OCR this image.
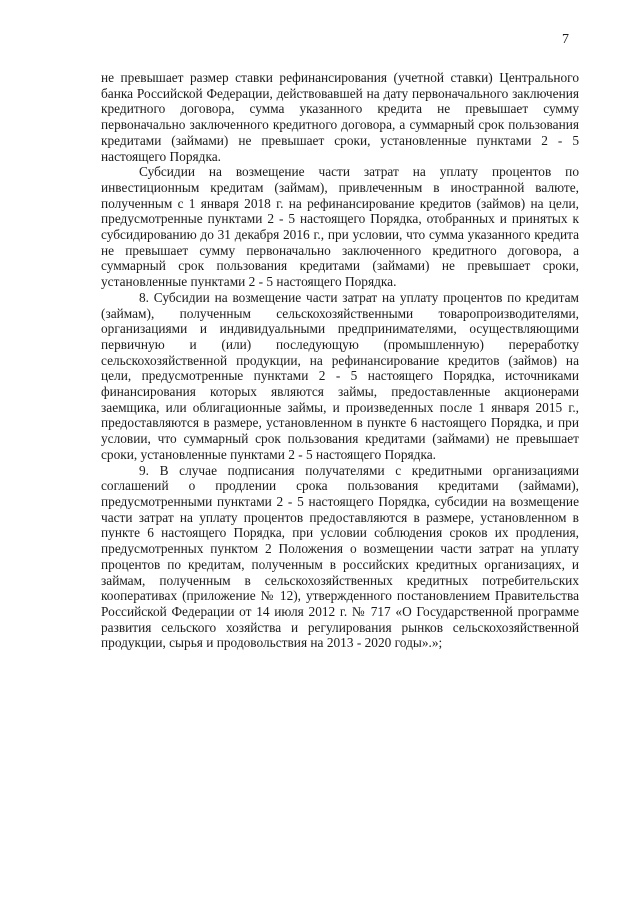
7

не превышает размер ставки рефинансирования (учетной ставки) Центрального банка Российской Федерации, действовавшей на дату первоначального заключения кредитного договора, сумма указанного кредита не превышает сумму первоначально заключенного кредитного договора, а суммарный срок пользования кредитами (займами) не превышает сроки, установленные пунктами 2 - 5 настоящего Порядка.

Субсидии на возмещение части затрат на уплату процентов по инвестиционным кредитам (займам), привлеченным в иностранной валюте, полученным с 1 января 2018 г. на рефинансирование кредитов (займов) на цели, предусмотренные пунктами 2 - 5 настоящего Порядка, отобранных и принятых к субсидированию до 31 декабря 2016 г., при условии, что сумма указанного кредита не превышает сумму первоначально заключенного кредитного договора, а суммарный срок пользования кредитами (займами) не превышает сроки, установленные пунктами 2 - 5 настоящего Порядка.

8. Субсидии на возмещение части затрат на уплату процентов по кредитам (займам), полученным сельскохозяйственными товаропроизводителями, организациями и индивидуальными предпринимателями, осуществляющими первичную и (или) последующую (промышленную) переработку сельскохозяйственной продукции, на рефинансирование кредитов (займов) на цели, предусмотренные пунктами 2 - 5 настоящего Порядка, источниками финансирования которых являются займы, предоставленные акционерами заемщика, или облигационные займы, и произведенных после 1 января 2015 г., предоставляются в размере, установленном в пункте 6 настоящего Порядка, и при условии, что суммарный срок пользования кредитами (займами) не превышает сроки, установленные пунктами 2 - 5 настоящего Порядка.

9. В случае подписания получателями с кредитными организациями соглашений о продлении срока пользования кредитами (займами), предусмотренными пунктами 2 - 5 настоящего Порядка, субсидии на возмещение части затрат на уплату процентов предоставляются в размере, установленном в пункте 6 настоящего Порядка, при условии соблюдения сроков их продления, предусмотренных пунктом 2 Положения о возмещении части затрат на уплату процентов по кредитам, полученным в российских кредитных организациях, и займам, полученным в сельскохозяйственных кредитных потребительских кооперативах (приложение № 12), утвержденного постановлением Правительства Российской Федерации от 14 июля 2012 г. № 717 «О Государственной программе развития сельского хозяйства и регулирования рынков сельскохозяйственной продукции, сырья и продовольствия на 2013 - 2020 годы».»;
